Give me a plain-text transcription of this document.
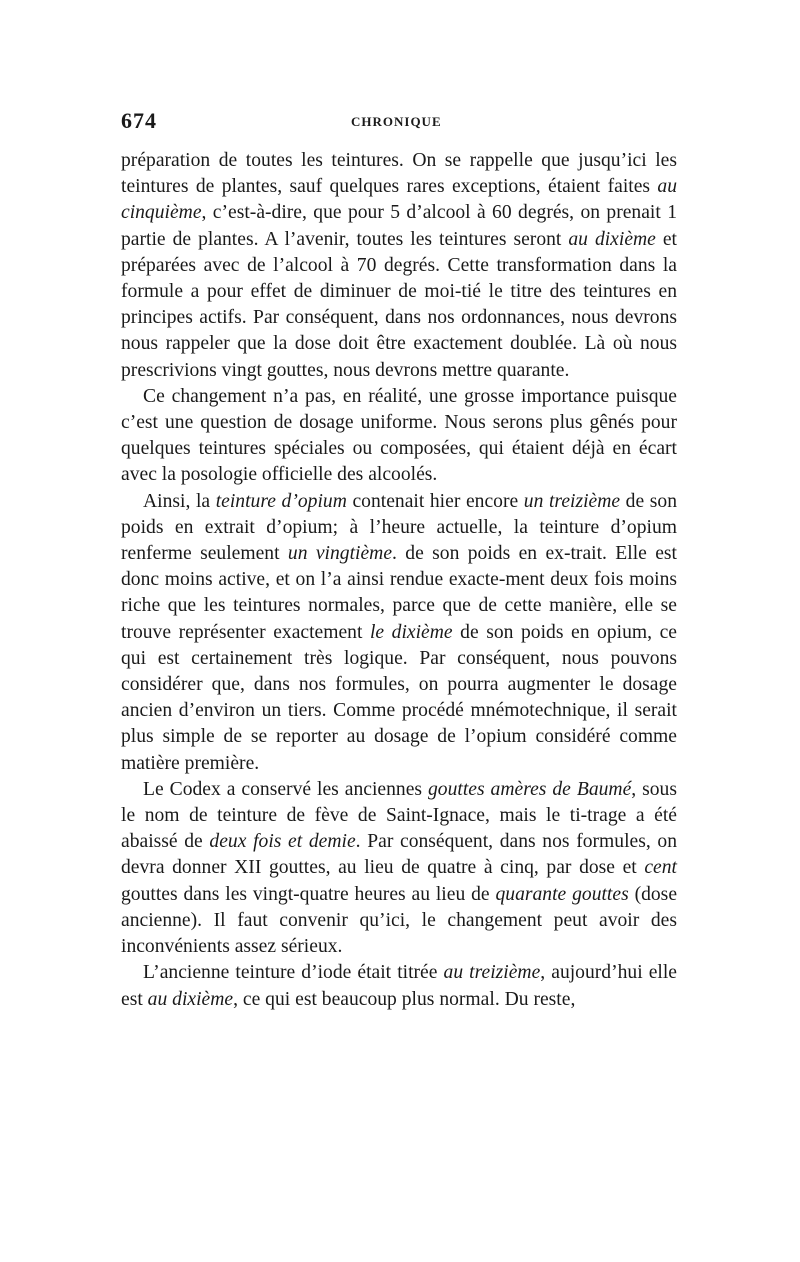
674	CHRONIQUE

préparation de toutes les teintures. On se rappelle que jusqu’ici les teintures de plantes, sauf quelques rares exceptions, étaient faites au cinquième, c’est-à-dire, que pour 5 d’alcool à 60 degrés, on prenait 1 partie de plantes. A l’avenir, toutes les teintures seront au dixième et préparées avec de l’alcool à 70 degrés. Cette transformation dans la formule a pour effet de diminuer de moi-tié le titre des teintures en principes actifs. Par conséquent, dans nos ordonnances, nous devrons nous rappeler que la dose doit être exactement doublée. Là où nous prescrivions vingt gouttes, nous devrons mettre quarante.

Ce changement n’a pas, en réalité, une grosse importance puisque c’est une question de dosage uniforme. Nous serons plus gênés pour quelques teintures spéciales ou composées, qui étaient déjà en écart avec la posologie officielle des alcoolés.

Ainsi, la teinture d’opium contenait hier encore un treizième de son poids en extrait d’opium; à l’heure actuelle, la teinture d’opium renferme seulement un vingtième. de son poids en ex-trait. Elle est donc moins active, et on l’a ainsi rendue exacte-ment deux fois moins riche que les teintures normales, parce que de cette manière, elle se trouve représenter exactement le dixième de son poids en opium, ce qui est certainement très logique. Par conséquent, nous pouvons considérer que, dans nos formules, on pourra augmenter le dosage ancien d’environ un tiers. Comme procédé mnémotechnique, il serait plus simple de se reporter au dosage de l’opium considéré comme matière première.

Le Codex a conservé les anciennes gouttes amères de Baumé, sous le nom de teinture de fève de Saint-Ignace, mais le ti-trage a été abaissé de deux fois et demie. Par conséquent, dans nos formules, on devra donner XII gouttes, au lieu de quatre à cinq, par dose et cent gouttes dans les vingt-quatre heures au lieu de quarante gouttes (dose ancienne). Il faut convenir qu’ici, le changement peut avoir des inconvénients assez sérieux.

L’ancienne teinture d’iode était titrée au treizième, aujourd’hui elle est au dixième, ce qui est beaucoup plus normal. Du reste,
